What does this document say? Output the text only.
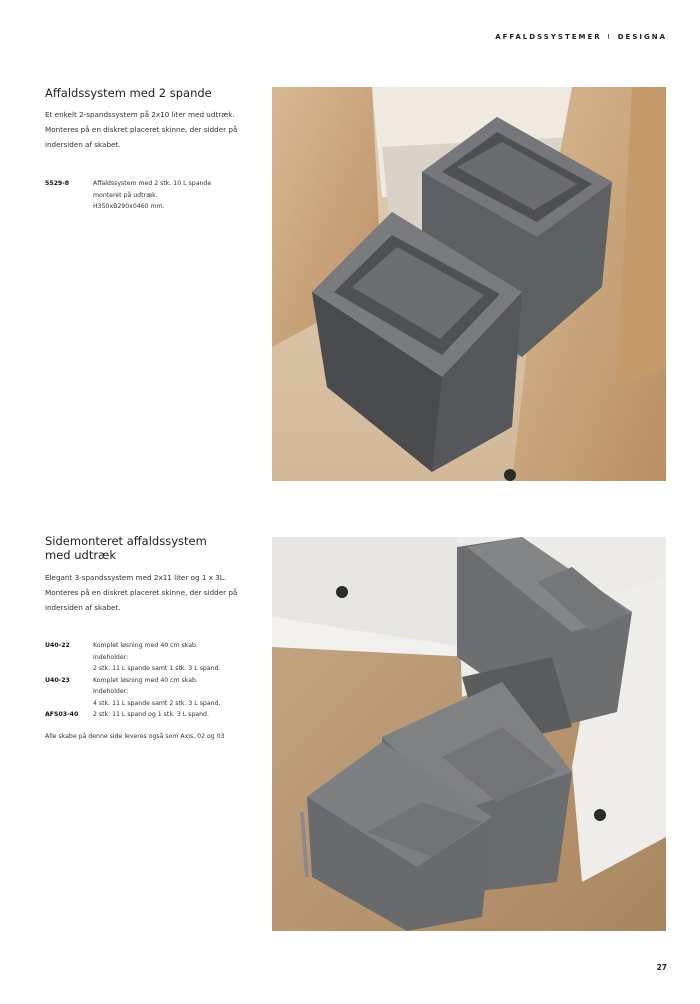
AFFALDSSYSTEMER I DESIGNA
Affaldssystem med 2 spande
Et enkelt 2-spandssystem på 2x10 liter med udtræk.
Monteres på en diskret placeret skinne, der sidder på
indersiden af skabet.
5529-8	Affaldssystem med 2 stk. 10 L spande
monteret på udtræk.
H350xB290x0460 mm.
Sidemonteret affaldssystem
med udtræk
Elegant 3-spandssystem med 2x11 liter og 1 x 3L.
Monteres på en diskret placeret skinne, der sidder på
indersiden af skabet.
U40-22	Komplet løsning med 40 cm skab.
Indeholder:
2 stk. 11 L spande samt 1 stk. 3 L spand.
U40-23	Komplet løsning med 40 cm skab.
Indeholder:
4 stk. 11 L spande samt 2 stk. 3 L spand.
AFS03-40	2 stk. 11 L spand og 1 stk. 3 L spand.
Alle skabe på denne side leveres også som Axis, 02 og 03
27
